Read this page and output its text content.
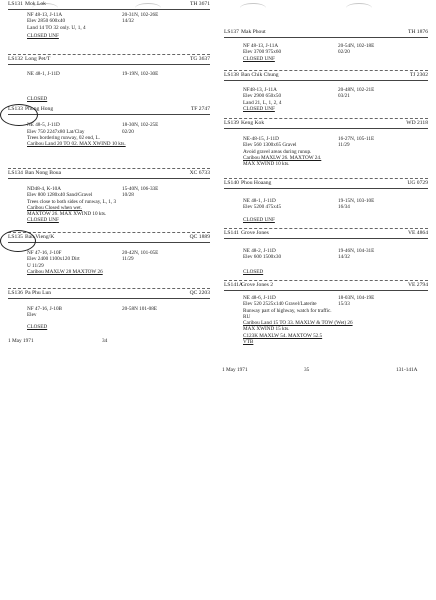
LS131 Mok Lok	TH 3671
NF 48-13, J-11A	20-31N, 102-26E
Elev 2850 600x40	14/32
Land 14 TO 32 only. U, 1, 4
CLOSED UNF
LS132 Long Pet/T	TG 3637
NE 48-1, J-11D	19-19N, 102-30E
CLOSED
LS133 Phong Hong	TF 2747
NE 48-5, J-11D	18-30N, 102-25E
Elev 750 2247x80 Lat/Clay	02/20
Trees bordering runway, 02 end, L.
Caribou Land 20 TO 02. MAX XWIND 10 kts.
LS134 Ban Nong Boua	XC 6733
ND48-4, K-10A	15-40N, 106-33E
Elev 800 1280x40 Sand/Gravel	10/28
Trees close to both sides of runway, L, 1, 3
Caribou Closed when wet.
MAXTOW 26. MAX XWIND 10 kts.
CLOSED UNF
LS135 Ban Vieng/K	QC 1889
NF 47-16, J-10F	20-42N, 101-05E
Elev 2400 1100x120 Dirt	11/29
U 11/29
Caribou MAXLW 28 MAXTOW 26
LS136 Pa Phu Lun	QC 2203
NF 47-16, J-10B	20-58N 101-08E
Elev
CLOSED
1 May 1971	34
LS137 Mak Phout	TH 1876
NF 48-13, J-11A	20-54N, 102-18E
Elev 3700 975x60	02/20
CLOSED UNF
LS138 Ban Chik Chung	TJ 2302
NF48-13, J-11A	20-48N, 102-21E
Elev 2900 650x50	03/21
Land 21, L, 1, 2, 4
CLOSED UNF
LS139 Keng Kok	WD 2118
NE-48-15, J-11D	16-27N, 105-11E
Elev 560 1300x65 Gravel	11/29
Avoid gravel areas during runup.
Caribou MAXLW 26. MAXTOW 24.
MAX XWIND 10 kts.
LS140 Phou Hoaang	UG 0729
NE 48-1, J-11D	19-15N, 103-10E
Elev 5200 475x45	16/34
CLOSED UNF
LS141 Grove Jones	VE 4864
NE 48-2, J-11D	19-46N, 104-31E
Elev 600 1500x30	14/32
CLOSED
LS141A
Grove Jones 2	VE 2794
NE 48-6, J-11D	18-03N, 104-19E
Elev 520 2525x140 Gravel/Laterite	15/33
Runway part of highway, watch for traffic.
RU
Caribou Land 15 TO 33. MAXLW & TOW (Wet) 26
MAX XWIND 15 kts.
C123K MAXLW 54. MAXTOW 52.5
VTB
1 May 1971	35	131-141A
